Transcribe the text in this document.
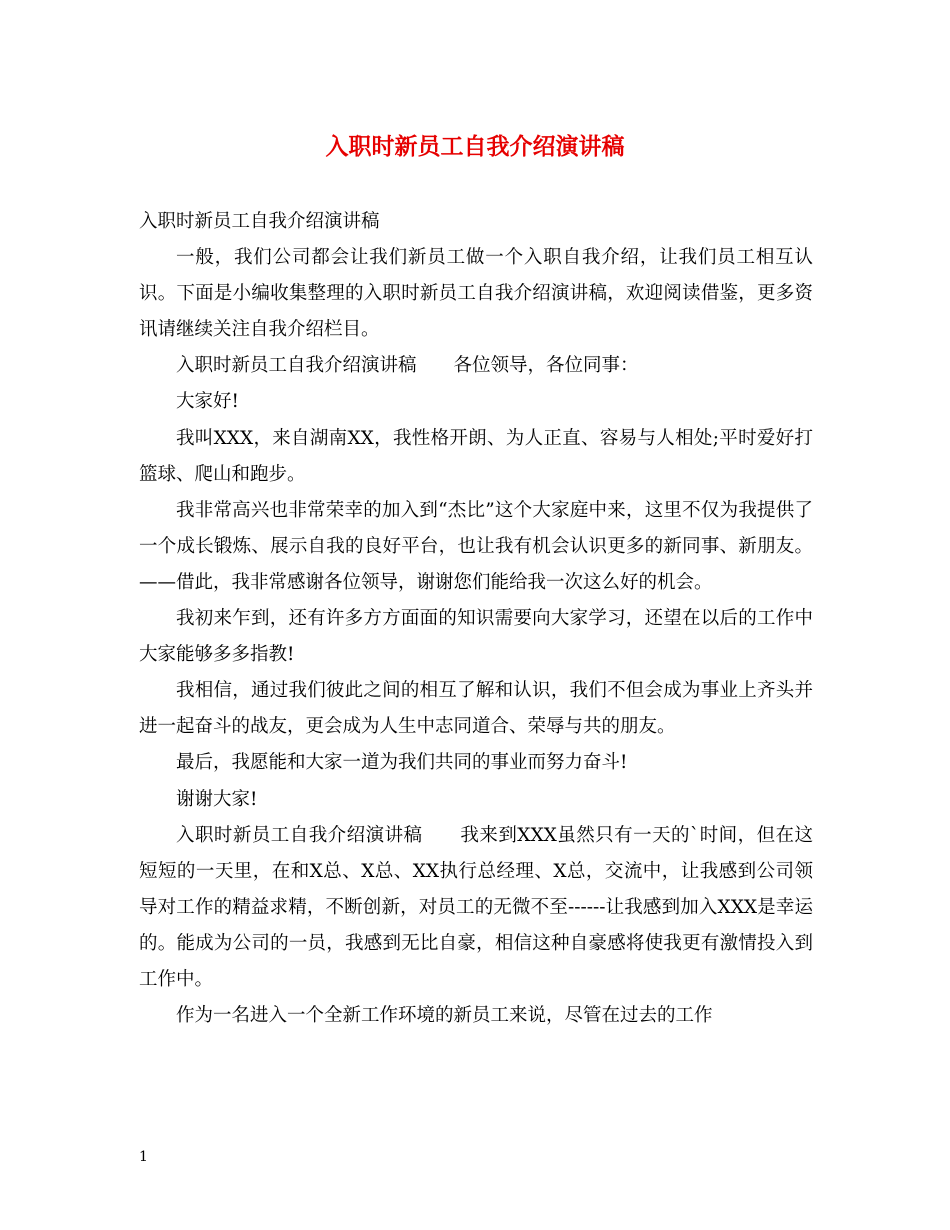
入职时新员工自我介绍演讲稿

入职时新员工自我介绍演讲稿

一般，我们公司都会让我们新员工做一个入职自我介绍，让我们员工相互认识。下面是小编收集整理的入职时新员工自我介绍演讲稿，欢迎阅读借鉴，更多资讯请继续关注自我介绍栏目。

入职时新员工自我介绍演讲稿　　各位领导，各位同事：

大家好!

我叫XXX，来自湖南XX，我性格开朗、为人正直、容易与人相处;平时爱好打篮球、爬山和跑步。

我非常高兴也非常荣幸的加入到“杰比”这个大家庭中来，这里不仅为我提供了一个成长锻炼、展示自我的良好平台，也让我有机会认识更多的新同事、新朋友。——借此，我非常感谢各位领导，谢谢您们能给我一次这么好的机会。

我初来乍到，还有许多方方面面的知识需要向大家学习，还望在以后的工作中大家能够多多指教!

我相信，通过我们彼此之间的相互了解和认识，我们不但会成为事业上齐头并进一起奋斗的战友，更会成为人生中志同道合、荣辱与共的朋友。

最后，我愿能和大家一道为我们共同的事业而努力奋斗!

谢谢大家!

入职时新员工自我介绍演讲稿　　我来到XXX虽然只有一天的`时间，但在这短短的一天里，在和X总、X总、XX执行总经理、X总，交流中，让我感到公司领导对工作的精益求精，不断创新，对员工的无微不至------让我感到加入XXX是幸运的。能成为公司的一员，我感到无比自豪，相信这种自豪感将使我更有激情投入到工作中。

作为一名进入一个全新工作环境的新员工来说，尽管在过去的工作

1
